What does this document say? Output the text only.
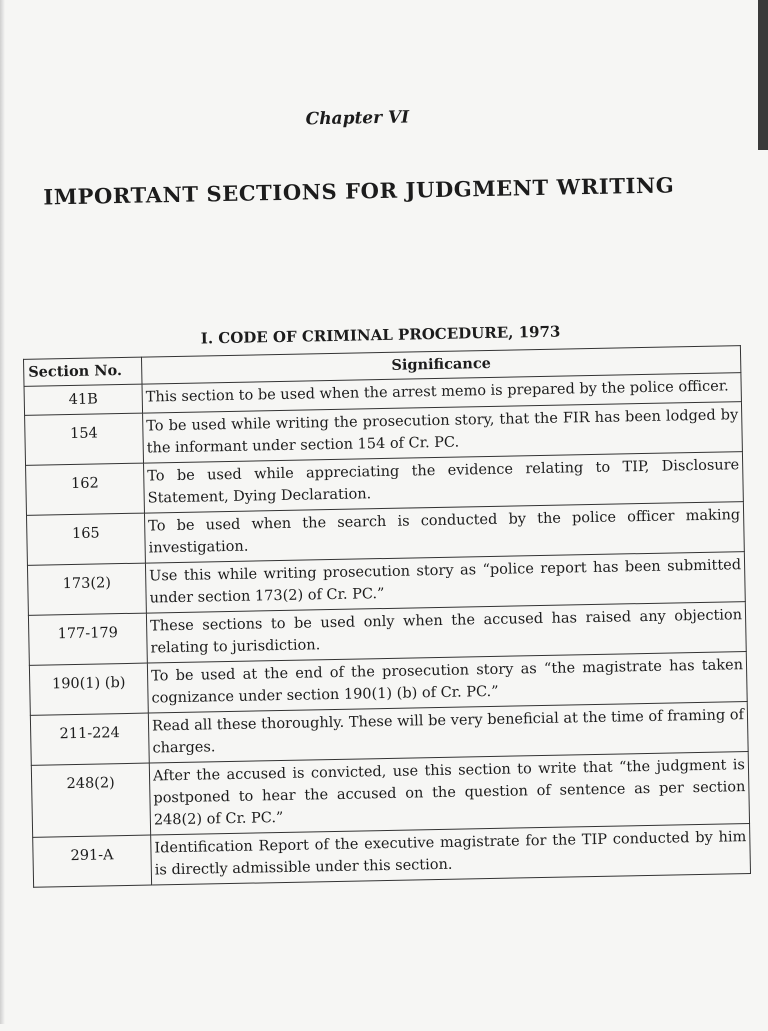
Chapter VI
IMPORTANT SECTIONS FOR JUDGMENT WRITING
I. CODE OF CRIMINAL PROCEDURE, 1973
Section No.	Significance
41B	This section to be used when the arrest memo is prepared by the police officer.
154	To be used while writing the prosecution story, that the FIR has been lodged by the informant under section 154 of Cr. PC.
162	To be used while appreciating the evidence relating to TIP, Disclosure Statement, Dying Declaration.
165	To be used when the search is conducted by the police officer making investigation.
173(2)	Use this while writing prosecution story as “police report has been submitted under section 173(2) of Cr. PC.”
177-179	These sections to be used only when the accused has raised any objection relating to jurisdiction.
190(1) (b)	To be used at the end of the prosecution story as “the magistrate has taken cognizance under section 190(1) (b) of Cr. PC.”
211-224	Read all these thoroughly. These will be very beneficial at the time of framing of charges.
248(2)	After the accused is convicted, use this section to write that “the judgment is postponed to hear the accused on the question of sentence as per section 248(2) of Cr. PC.”
291-A	Identification Report of the executive magistrate for the TIP conducted by him is directly admissible under this section.
